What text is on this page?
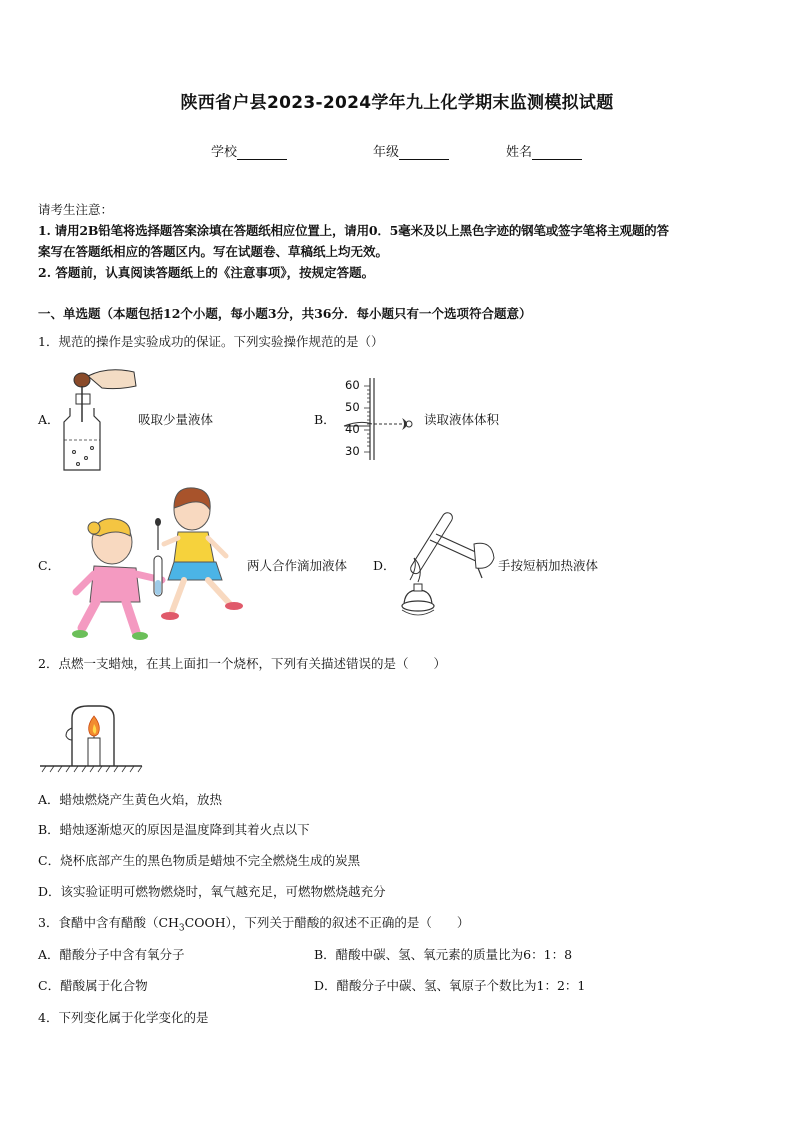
陕西省户县2023-2024学年九上化学期末监测模拟试题
学校	年级	姓名
请考生注意：
1. 请用2B铅笔将选择题答案涂填在答题纸相应位置上，请用0．5毫米及以上黑色字迹的钢笔或签字笔将主观题的答
案写在答题纸相应的答题区内。写在试题卷、草稿纸上均无效。
2. 答题前，认真阅读答题纸上的《注意事项》，按规定答题。
一、单选题（本题包括12个小题，每小题3分，共36分．每小题只有一个选项符合题意）
1．规范的操作是实验成功的保证。下列实验操作规范的是（）
A．	吸取少量液体	B．
60
50
40
30
读取液体体积
C．	两人合作滴加液体 D．	手按短柄加热液体
2．点燃一支蜡烛，在其上面扣一个烧杯，下列有关描述错误的是（　　）
A．蜡烛燃烧产生黄色火焰，放热
B．蜡烛逐渐熄灭的原因是温度降到其着火点以下
C．烧杯底部产生的黑色物质是蜡烛不完全燃烧生成的炭黑
D．该实验证明可燃物燃烧时，氧气越充足，可燃物燃烧越充分
3．食醋中含有醋酸$(CH_3COOH)$，下列关于醋酸的叙述不正确的是（　　）
A．醋酸分子中含有氧分子	B．醋酸中碳、氢、氧元素的质量比为6：1：8
C．醋酸属于化合物	D．醋酸分子中碳、氢、氧原子个数比为1：2：1
4．下列变化属于化学变化的是
